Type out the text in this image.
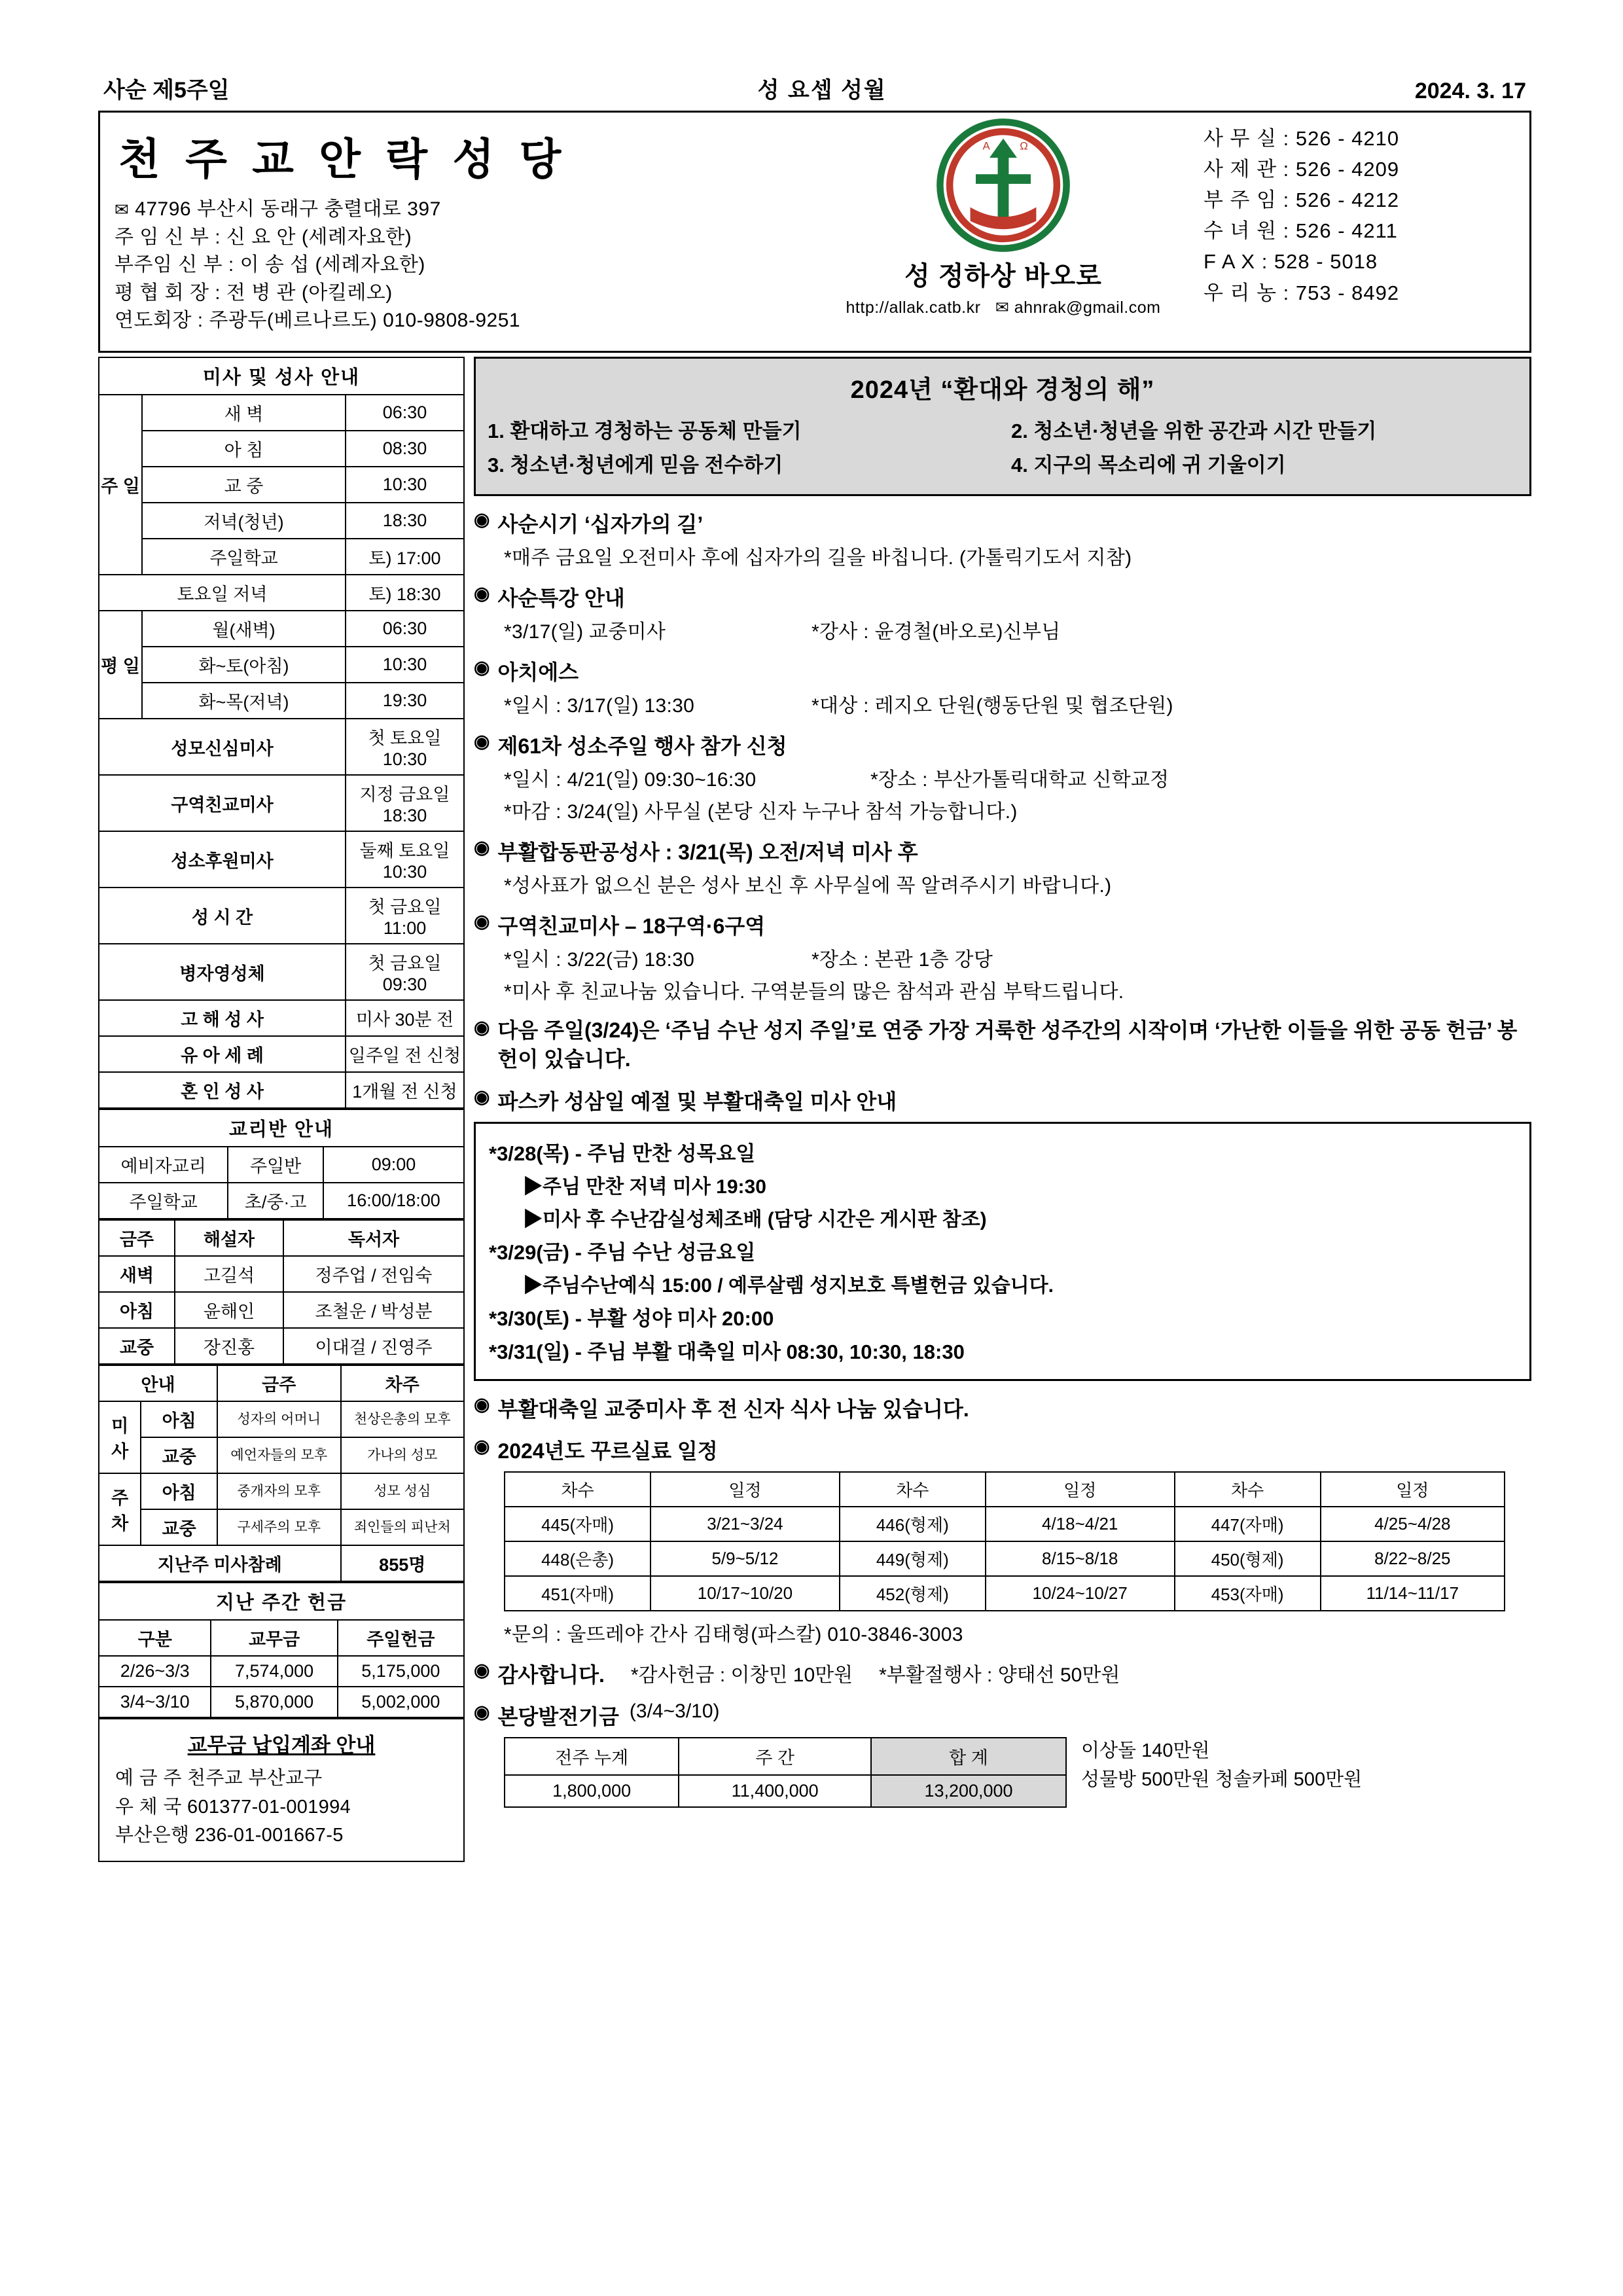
사순 제5주일	성 요셉 성월	2024. 3. 17
천 주 교 안 락 성 당
✉ 47796 부산시 동래구 충렬대로 397
주 임 신 부 : 신 요 안 (세례자요한)
부주임 신 부 : 이 송 섭 (세례자요한)
평 협 회 장 : 전 병 관 (아킬레오)
연도회장 : 주광두(베르나르도) 010-9808-9251
A	Ω
성 정하상 바오로
http://allak.catb.kr ✉ ahnrak@gmail.com
사 무 실 : 526 - 4210
사 제 관 : 526 - 4209
부 주 임 : 526 - 4212
수 녀 원 : 526 - 4211
F A X : 528 - 5018
우 리 농 : 753 - 8492
미사 및 성사 안내		
주 일	새 벽	06:30
	아 침	08:30
	교 중	10:30
	저녁(청년)	18:30
	주일학교	토) 17:00
토요일 저녁		토) 18:30
평 일	월(새벽)	06:30
	화~토(아침)	10:30
	화~목(저녁)	19:30
성모신심미사		첫 토요일 10:30
구역친교미사		지정 금요일 18:30
성소후원미사		둘째 토요일 10:30
성 시 간		첫 금요일 11:00
병자영성체		첫 금요일 09:30
고 해 성 사		미사 30분 전
유 아 세 례		일주일 전 신청
혼 인 성 사		1개월 전 신청
교리반 안내		
예비자교리	주일반	09:00
주일학교	초/중·고	16:00/18:00
금주	해설자	독서자
새벽	고길석	정주업 / 전임숙
아침	윤해인	조철운 / 박성분
교중	장진홍	이대걸 / 진영주
안내		금주	차주
미 사	아침	성자의 어머니	천상은총의 모후
	교중	예언자들의 모후	가나의 성모
주 차	아침	중개자의 모후	성모 성심
	교중	구세주의 모후	죄인들의 피난처
지난주 미사참례			855명
지난 주간 헌금		
구분	교무금	주일헌금
2/26~3/3	7,574,000	5,175,000
3/4~3/10	5,870,000	5,002,000
교무금 납입계좌 안내
예 금 주 천주교 부산교구
우 체 국 601377-01-001994
부산은행 236-01-001667-5
2024년 “환대와 경청의 해”
1. 환대하고 경청하는 공동체 만들기	2. 청소년·청년을 위한 공간과 시간 만들기
3. 청소년·청년에게 믿음 전수하기	4. 지구의 목소리에 귀 기울이기
◉ 사순시기 ‘십자가의 길’
*매주 금요일 오전미사 후에 십자가의 길을 바칩니다. (가톨릭기도서 지참)
◉ 사순특강 안내
*3/17(일) 교중미사	*강사 : 윤경철(바오로)신부님
◉ 아치에스
*일시 : 3/17(일) 13:30	*대상 : 레지오 단원(행동단원 및 협조단원)
◉ 제61차 성소주일 행사 참가 신청
*일시 : 4/21(일) 09:30~16:30	*장소 : 부산가톨릭대학교 신학교정
*마감 : 3/24(일) 사무실 (본당 신자 누구나 참석 가능합니다.)
◉ 부활합동판공성사 : 3/21(목) 오전/저녁 미사 후
*성사표가 없으신 분은 성사 보신 후 사무실에 꼭 알려주시기 바랍니다.)
◉ 구역친교미사 – 18구역·6구역
*일시 : 3/22(금) 18:30	*장소 : 본관 1층 강당
*미사 후 친교나눔 있습니다. 구역분들의 많은 참석과 관심 부탁드립니다.
◉ 다음 주일(3/24)은 ‘주님 수난 성지 주일’로 연중 가장 거룩한 성주간의 시작이며 ‘가난한 이들을 위한 공동 헌금’ 봉헌이 있습니다.
◉ 파스카 성삼일 예절 및 부활대축일 미사 안내
*3/28(목) - 주님 만찬 성목요일
▶주님 만찬 저녁 미사 19:30
▶미사 후 수난감실성체조배 (담당 시간은 게시판 참조)
*3/29(금) - 주님 수난 성금요일
▶주님수난예식 15:00 / 예루살렘 성지보호 특별헌금 있습니다.
*3/30(토) - 부활 성야 미사 20:00
*3/31(일) - 주님 부활 대축일 미사 08:30, 10:30, 18:30
◉ 부활대축일 교중미사 후 전 신자 식사 나눔 있습니다.
◉ 2024년도 꾸르실료 일정
차수	일정	차수	일정	차수	일정
445(자매)	3/21~3/24	446(형제)	4/18~4/21	447(자매)	4/25~4/28
448(은총)	5/9~5/12	449(형제)	8/15~8/18	450(형제)	8/22~8/25
451(자매)	10/17~10/20	452(형제)	10/24~10/27	453(자매)	11/14~11/17
*문의 : 울뜨레야 간사 김태형(파스칼) 010-3846-3003
◉ 감사합니다. *감사헌금 : 이창민 10만원 *부활절행사 : 양태선 50만원
◉ 본당발전기금 (3/4~3/10)
전주 누계	주 간	합 계
1,800,000	11,400,000	13,200,000
이상돌 140만원
성물방 500만원 청솔카페 500만원
